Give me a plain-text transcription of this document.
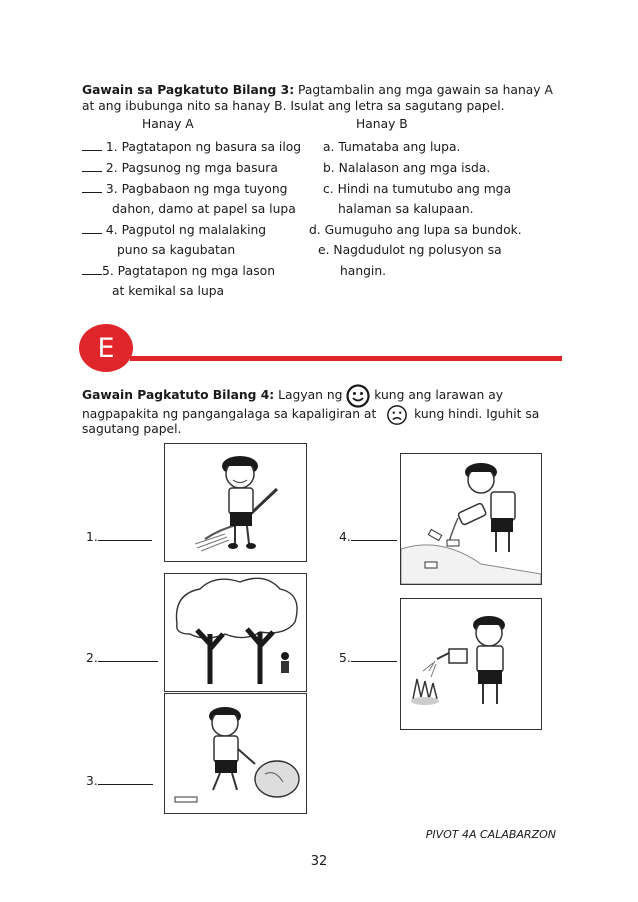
Gawain sa Pagkatuto Bilang 3: Pagtambalin ang mga gawain sa hanay A
at ang ibubunga nito sa hanay B. Isulat ang letra sa sagutang papel.
Hanay A	Hanay B
1. Pagtatapon ng basura sa ilog
2. Pagsunog ng mga basura
3. Pagbabaon ng mga tuyong
dahon, damo at papel sa lupa
4. Pagputol ng malalaking
puno sa kagubatan
5. Pagtatapon ng mga lason
at kemikal sa lupa
a. Tumataba ang lupa.
b. Nalalason ang mga isda.
c. Hindi na tumutubo ang mga
halaman sa kalupaan.
d. Gumuguho ang lupa sa bundok.
e. Nagdudulot ng polusyon sa
hangin.
E
Gawain Pagkatuto Bilang 4: Lagyan ng
kung ang larawan ay
nagpapakita ng pangangalaga sa kapaligiran at	kung hindi. Iguhit sa
sagutang papel.
1.
2.
3.
4.
5.
PIVOT 4A CALABARZON
32
